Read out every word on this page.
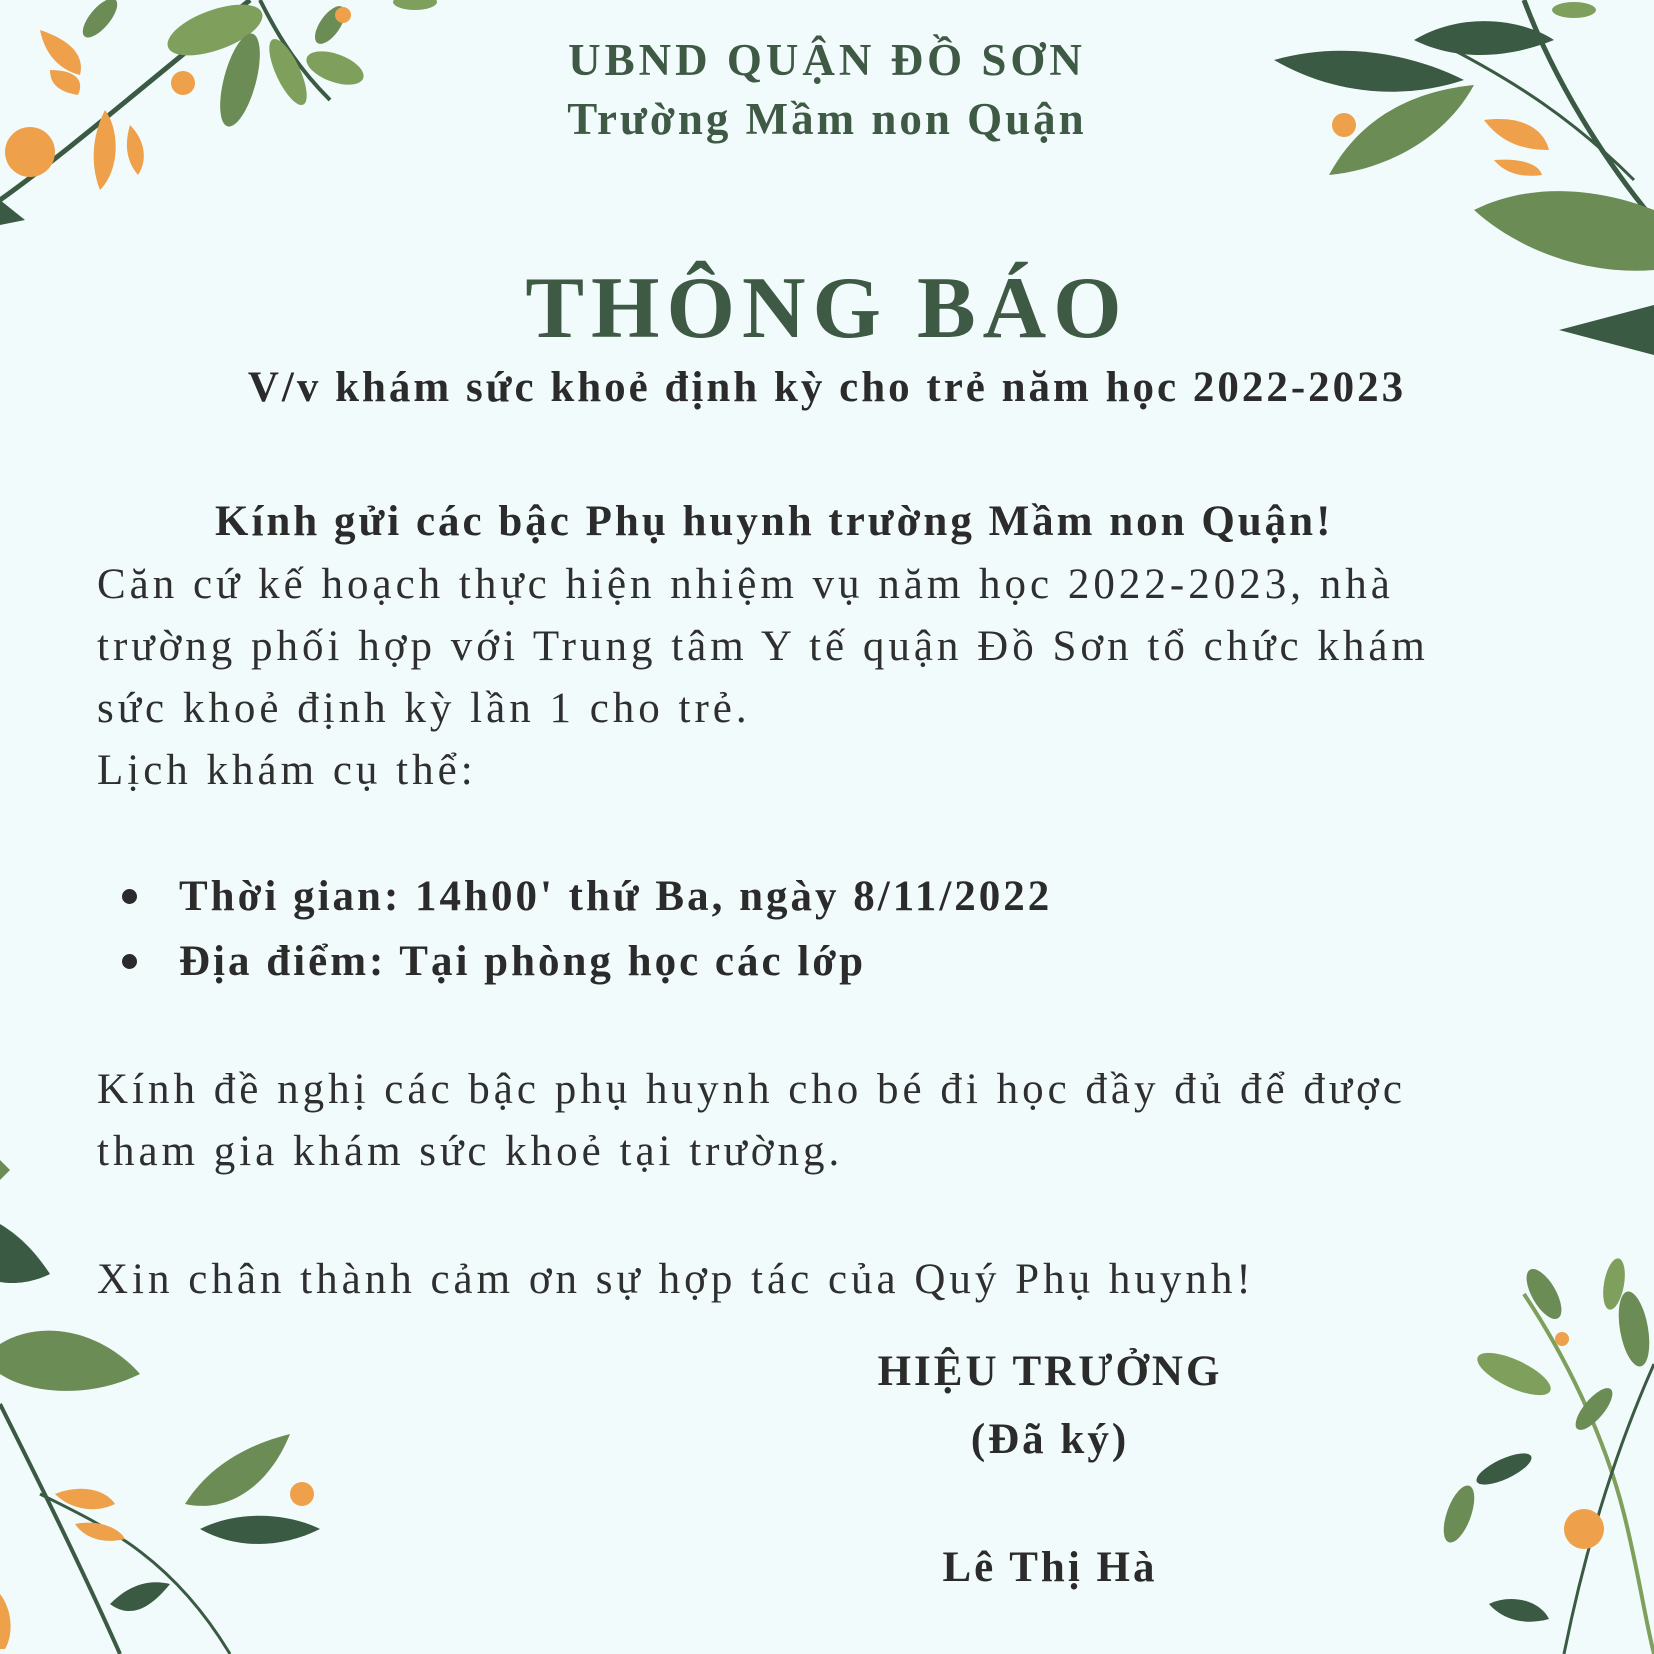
UBND QUẬN ĐỒ SƠN
Trường Mầm non Quận
THÔNG BÁO
V/v khám sức khoẻ định kỳ cho trẻ năm học 2022-2023
Kính gửi các bậc Phụ huynh trường Mầm non Quận!
Căn cứ kế hoạch thực hiện nhiệm vụ năm học 2022-2023, nhà
trường phối hợp với Trung tâm Y tế quận Đồ Sơn tổ chức khám
sức khoẻ định kỳ lần 1 cho trẻ.
Lịch khám cụ thể:
Thời gian: 14h00' thứ Ba, ngày 8/11/2022
Địa điểm: Tại phòng học các lớp
Kính đề nghị các bậc phụ huynh cho bé đi học đầy đủ để được
tham gia khám sức khoẻ tại trường.
Xin chân thành cảm ơn sự hợp tác của Quý Phụ huynh!
HIỆU TRƯỞNG
(Đã ký)
Lê Thị Hà
